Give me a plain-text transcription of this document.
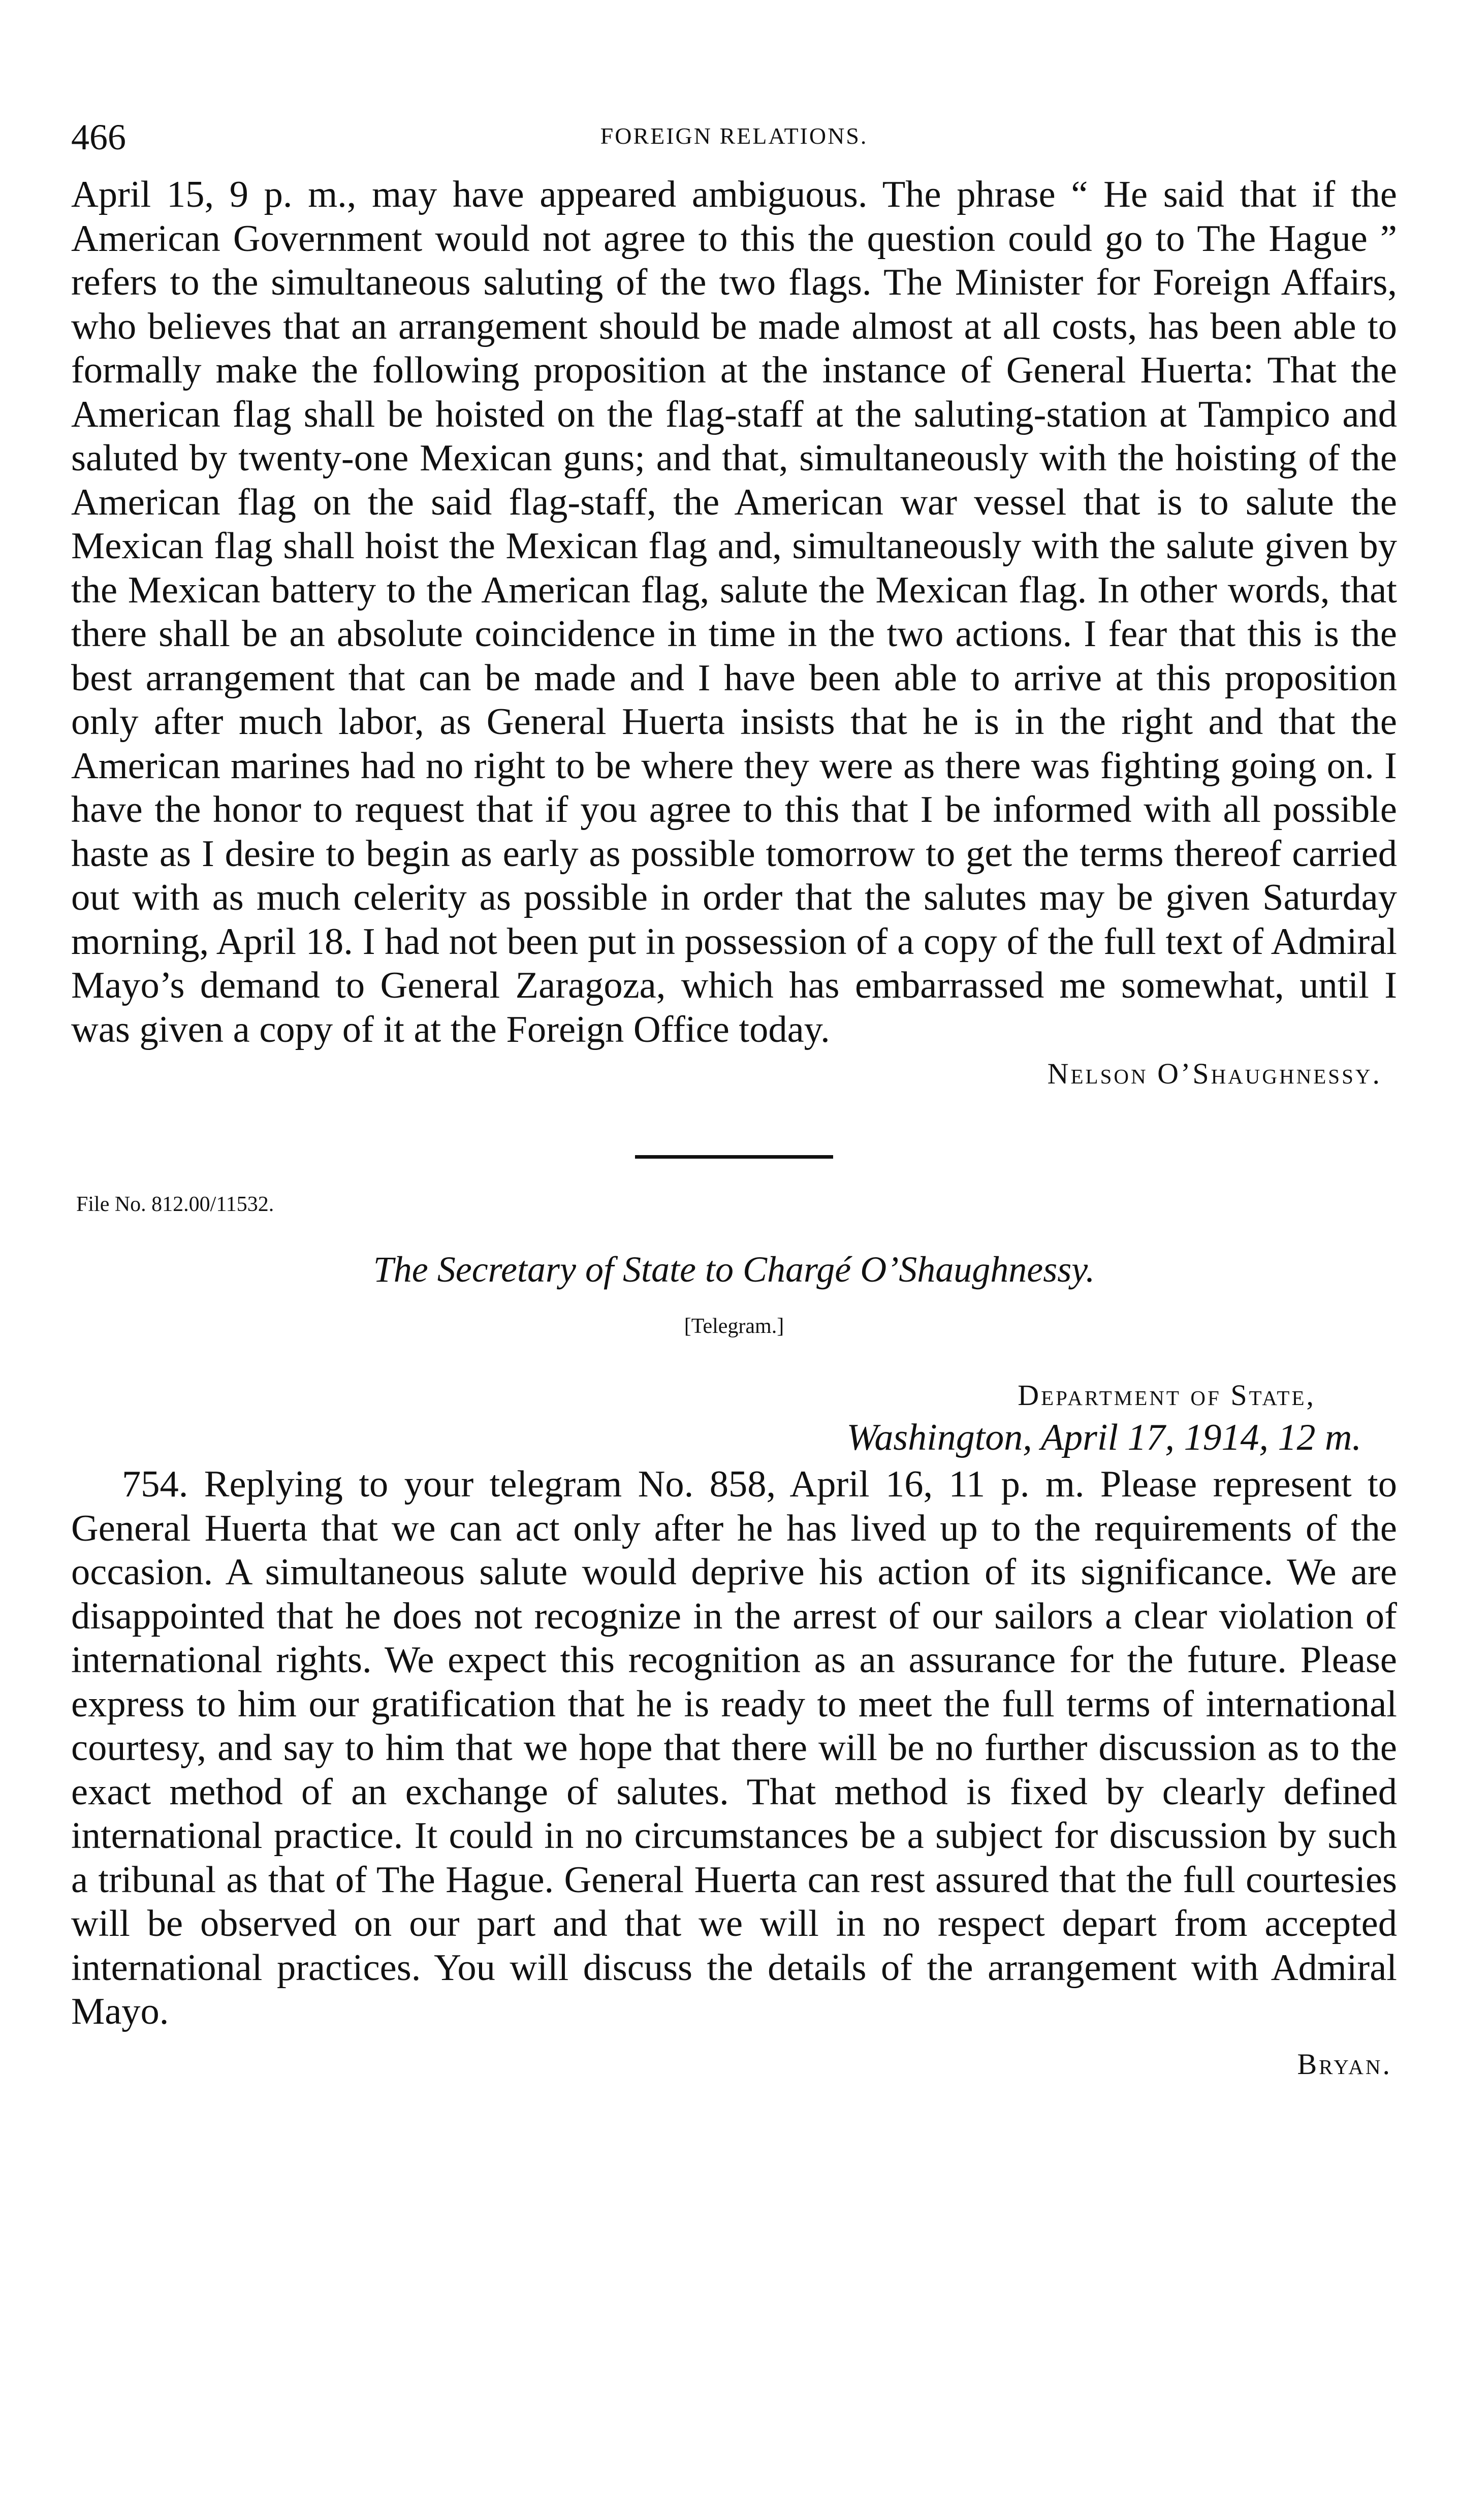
466	FOREIGN RELATIONS.

April 15, 9 p. m., may have appeared ambiguous. The phrase “ He said that if the American Government would not agree to this the question could go to The Hague ” refers to the simultaneous saluting of the two flags. The Minister for Foreign Affairs, who believes that an arrangement should be made almost at all costs, has been able to formally make the following proposition at the instance of General Huerta: That the American flag shall be hoisted on the flag-staff at the saluting-station at Tampico and saluted by twenty-one Mexican guns; and that, simultaneously with the hoisting of the American flag on the said flag-staff, the American war vessel that is to salute the Mexican flag shall hoist the Mexican flag and, simultaneously with the salute given by the Mexican battery to the American flag, salute the Mexican flag. In other words, that there shall be an absolute coincidence in time in the two actions. I fear that this is the best arrangement that can be made and I have been able to arrive at this proposition only after much labor, as General Huerta insists that he is in the right and that the American marines had no right to be where they were as there was fighting going on. I have the honor to request that if you agree to this that I be informed with all possible haste as I desire to begin as early as possible tomorrow to get the terms thereof carried out with as much celerity as possible in order that the salutes may be given Saturday morning, April 18. I had not been put in possession of a copy of the full text of Admiral Mayo’s demand to General Zaragoza, which has embarrassed me somewhat, until I was given a copy of it at the Foreign Office today.

Nelson O’Shaughnessy.
File No. 812.00/11532.
The Secretary of State to Chargé O’Shaughnessy.
[Telegram.]
Department of State,
Washington, April 17, 1914, 12 m.

754. Replying to your telegram No. 858, April 16, 11 p. m. Please represent to General Huerta that we can act only after he has lived up to the requirements of the occasion. A simultaneous salute would deprive his action of its significance. We are disappointed that he does not recognize in the arrest of our sailors a clear violation of international rights. We expect this recognition as an assurance for the future. Please express to him our gratification that he is ready to meet the full terms of international courtesy, and say to him that we hope that there will be no further discussion as to the exact method of an exchange of salutes. That method is fixed by clearly defined international practice. It could in no circumstances be a subject for discussion by such a tribunal as that of The Hague. General Huerta can rest assured that the full courtesies will be observed on our part and that we will in no respect depart from accepted international practices. You will discuss the details of the arrangement with Admiral Mayo.

Bryan.
